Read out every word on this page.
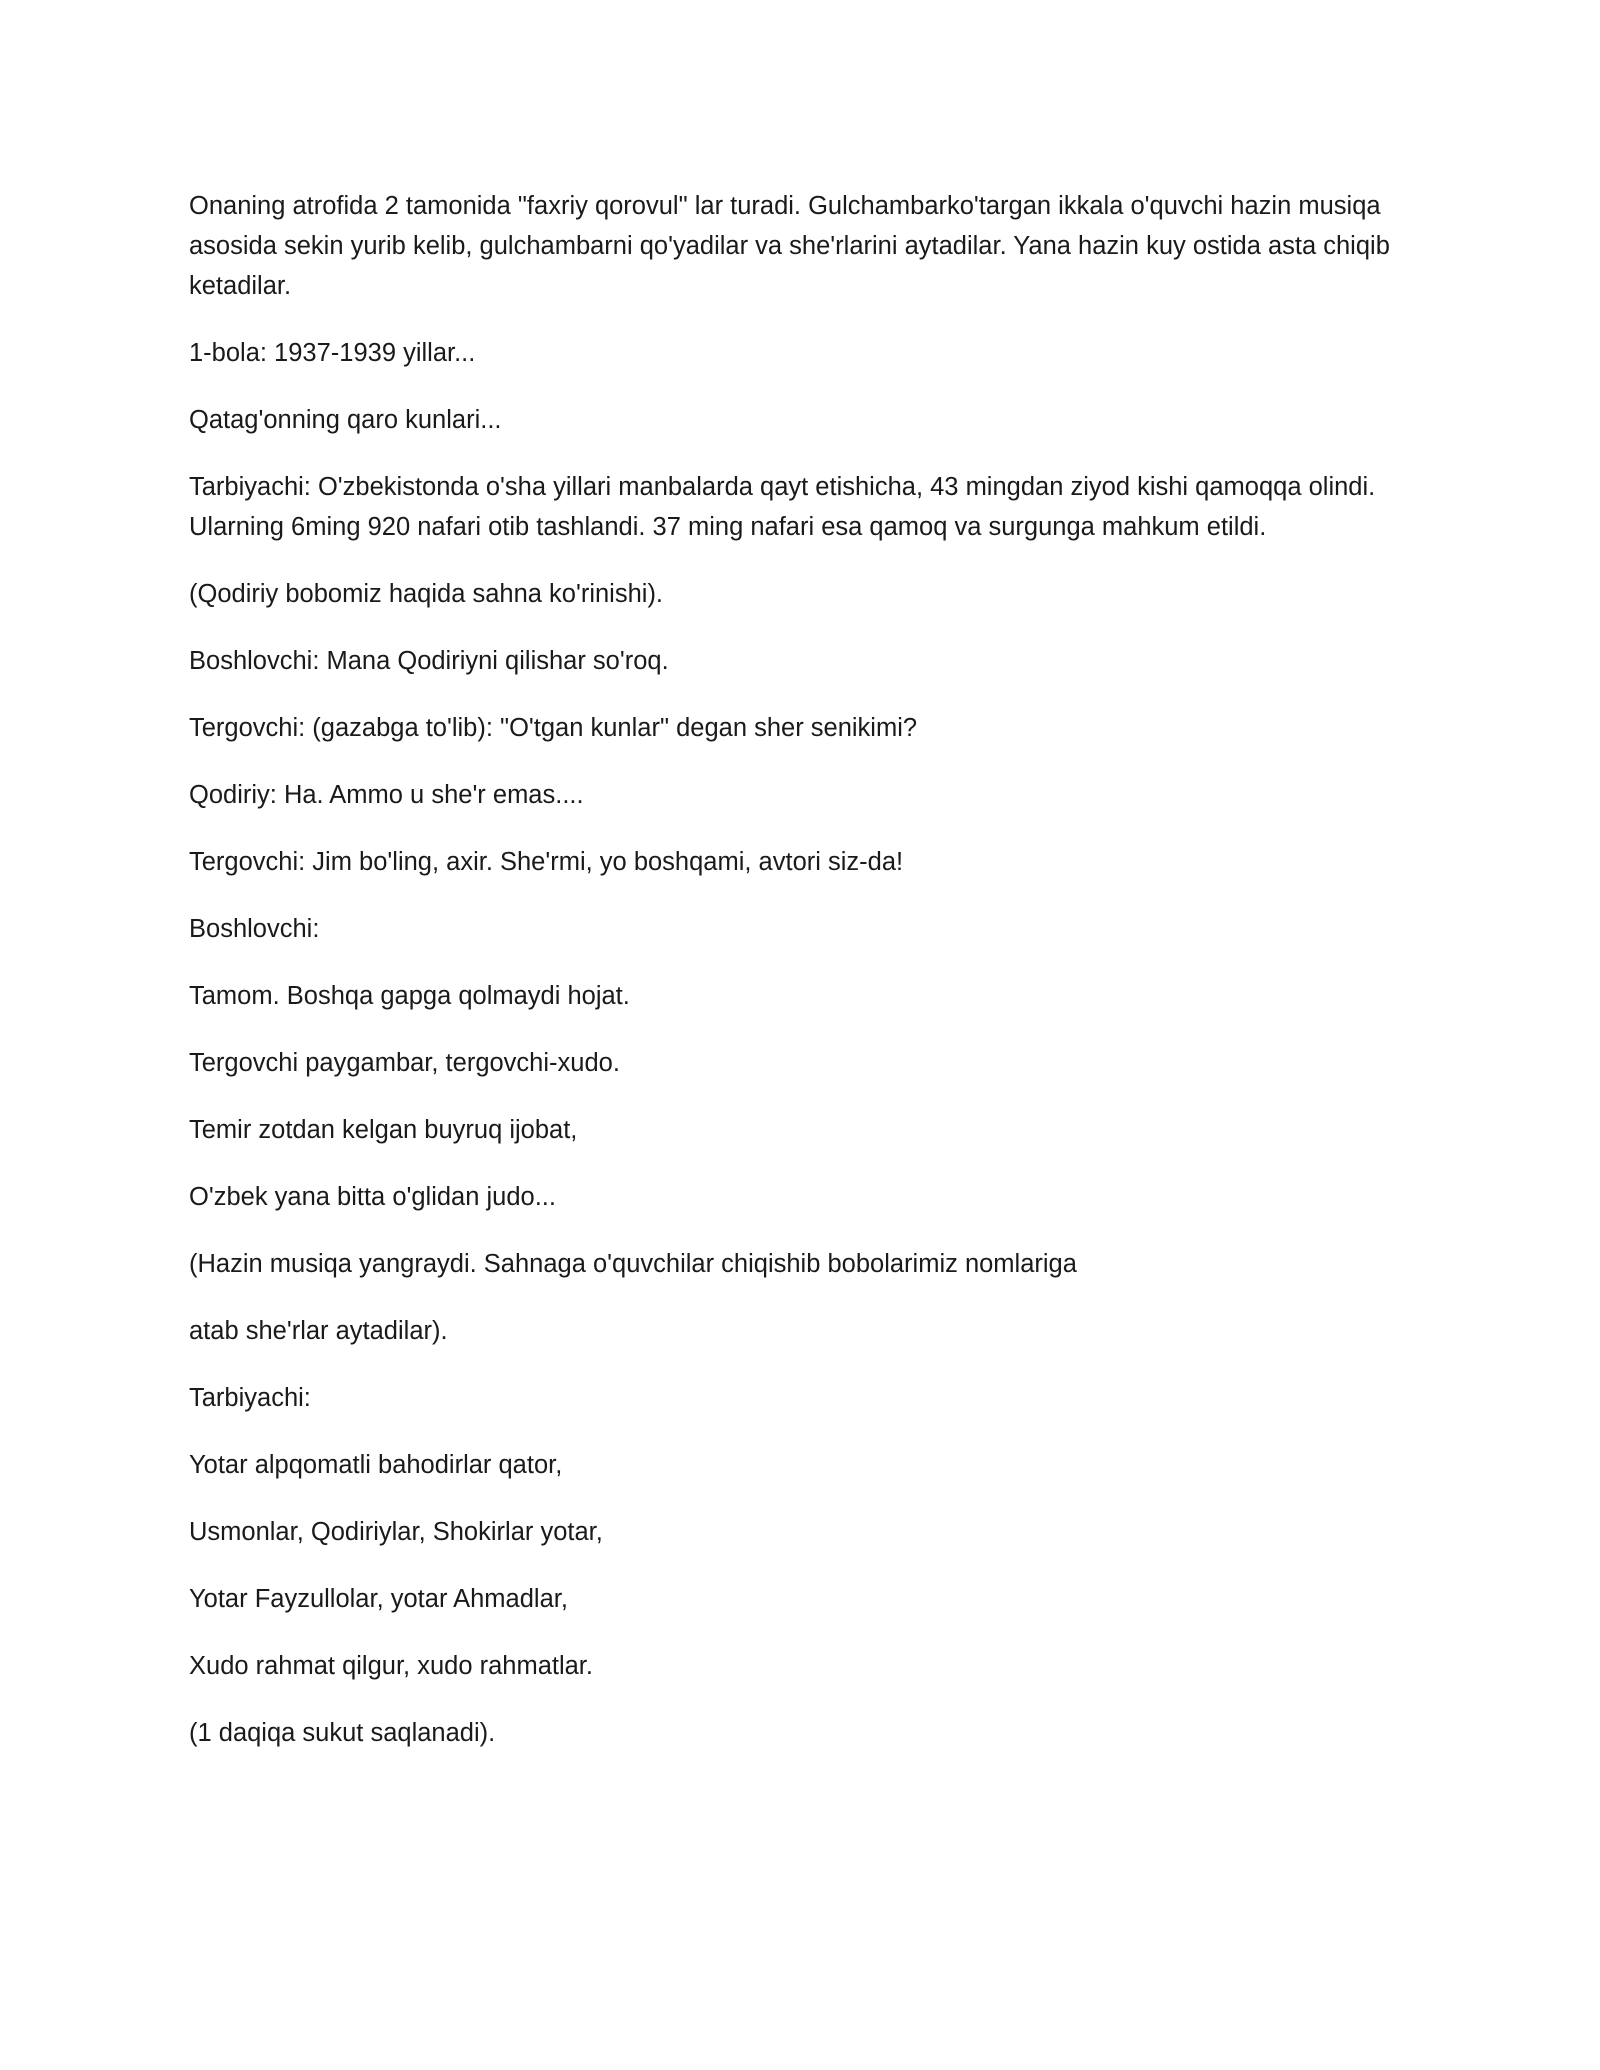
Onaning atrofida 2 tamonida "faxriy qorovul" lar turadi. Gulchambarko'targan ikkala o'quvchi hazin musiqa asosida sekin yurib kelib, gulchambarni qo'yadilar va she'rlarini aytadilar. Yana hazin kuy ostida asta chiqib ketadilar.

1-bola: 1937-1939 yillar...

Qatag'onning qaro kunlari...

Tarbiyachi: O'zbekistonda o'sha yillari manbalarda qayt etishicha, 43 mingdan ziyod kishi qamoqqa olindi. Ularning 6ming 920 nafari otib tashlandi. 37 ming nafari esa qamoq va surgunga mahkum etildi.

(Qodiriy bobomiz haqida sahna ko'rinishi).

Boshlovchi: Mana Qodiriyni qilishar so'roq.

Tergovchi: (gazabga to'lib): "O'tgan kunlar" degan sher senikimi?

Qodiriy: Ha. Ammo u she'r emas....

Tergovchi: Jim bo'ling, axir. She'rmi, yo boshqami, avtori siz-da!

Boshlovchi:

Tamom. Boshqa gapga qolmaydi hojat.

Tergovchi paygambar, tergovchi-xudo.

Temir zotdan kelgan buyruq ijobat,

O'zbek yana bitta o'glidan judo...

(Hazin musiqa yangraydi. Sahnaga o'quvchilar chiqishib bobolarimiz nomlariga

atab she'rlar aytadilar).

Tarbiyachi:

Yotar alpqomatli bahodirlar qator,

Usmonlar, Qodiriylar, Shokirlar yotar,

Yotar Fayzullolar, yotar Ahmadlar,

Xudo rahmat qilgur, xudo rahmatlar.

(1 daqiqa sukut saqlanadi).
